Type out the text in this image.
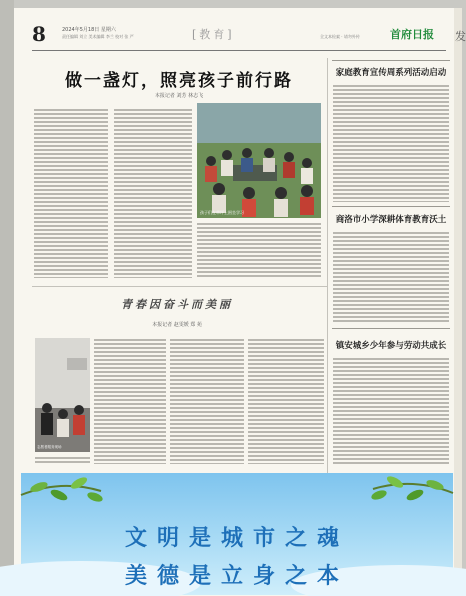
发
8	2024年5月18日 星期六
责任编辑 刘立 美术编辑 李兰 校对 张 严	[教育]	全文本检索 · 请勿外传	首府日报
做一盏灯，照亮孩子前行路
本报记者 刘芳 林志飞
孩子们在草坪上围坐学习
家庭教育宣传周系列活动启动
商洛市小学深耕体育教育沃土
镇安城乡少年参与劳动共成长
青春因奋斗而美丽
本报记者 赵雯媛 郑 苑
志愿者服务现场
文明是城市之魂
美德是立身之本
